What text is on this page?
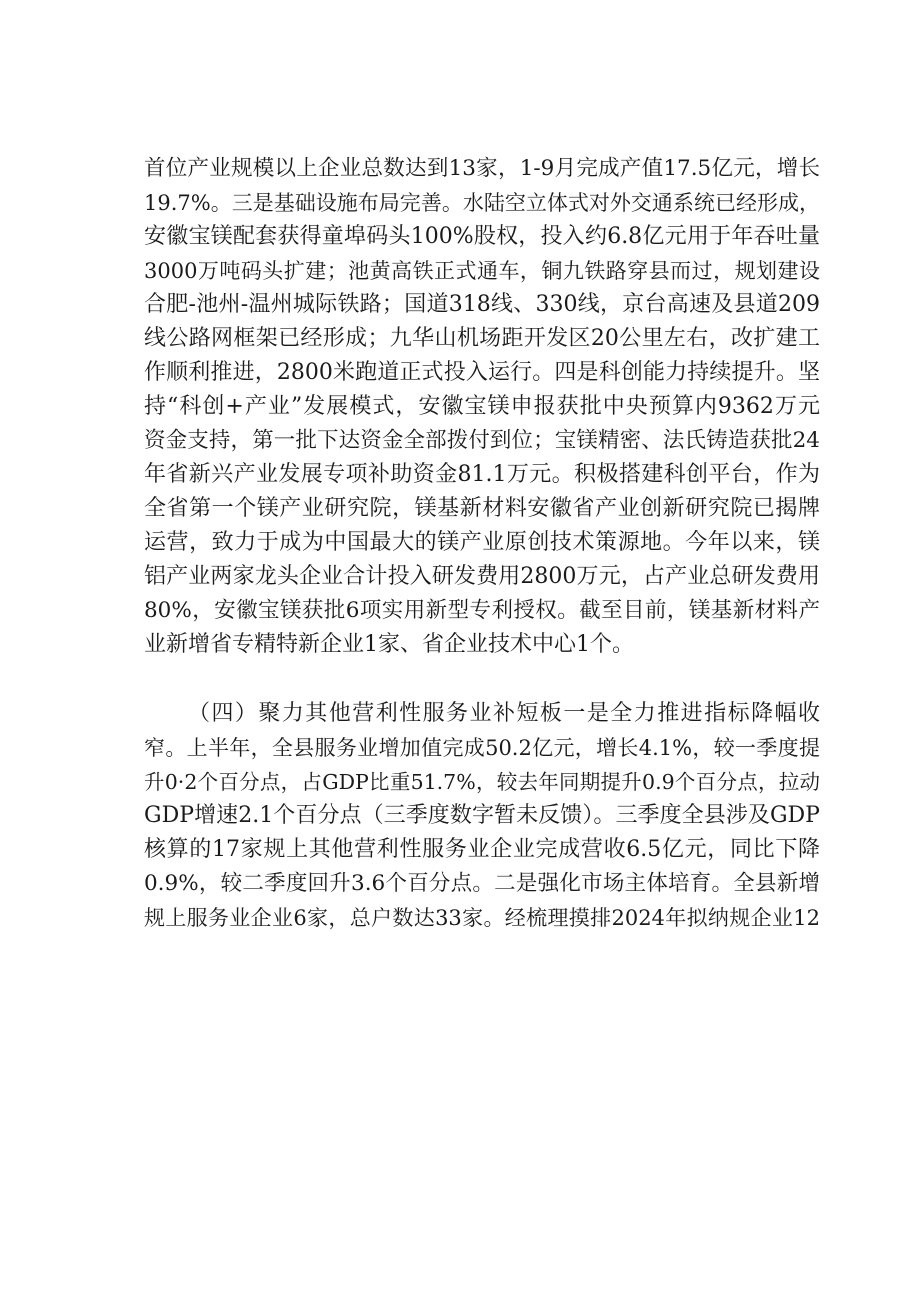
首位产业规模以上企业总数达到13家，1-9月完成产值17.5亿元，增长
19.7%。三是基础设施布局完善。水陆空立体式对外交通系统已经形成，
安徽宝镁配套获得童埠码头100%股权，投入约6.8亿元用于年吞吐量
3000万吨码头扩建；池黄高铁正式通车，铜九铁路穿县而过，规划建设
合肥-池州-温州城际铁路；国道318线、330线，京台高速及县道209
线公路网框架已经形成；九华山机场距开发区20公里左右，改扩建工
作顺利推进，2800米跑道正式投入运行。四是科创能力持续提升。坚
持“科创+产业”发展模式，安徽宝镁申报获批中央预算内9362万元
资金支持，第一批下达资金全部拨付到位；宝镁精密、法氏铸造获批24
年省新兴产业发展专项补助资金81.1万元。积极搭建科创平台，作为
全省第一个镁产业研究院，镁基新材料安徽省产业创新研究院已揭牌
运营，致力于成为中国最大的镁产业原创技术策源地。今年以来，镁
铝产业两家龙头企业合计投入研发费用2800万元，占产业总研发费用
80%，安徽宝镁获批6项实用新型专利授权。截至目前，镁基新材料产
业新增省专精特新企业1家、省企业技术中心1个。
（四）聚力其他营利性服务业补短板一是全力推进指标降幅收
窄。上半年，全县服务业增加值完成50.2亿元，增长4.1%，较一季度提
升0·2个百分点，占GDP比重51.7%，较去年同期提升0.9个百分点，拉动
GDP增速2.1个百分点（三季度数字暂未反馈）。三季度全县涉及GDP
核算的17家规上其他营利性服务业企业完成营收6.5亿元，同比下降
0.9%，较二季度回升3.6个百分点。二是强化市场主体培育。全县新增
规上服务业企业6家，总户数达33家。经梳理摸排2024年拟纳规企业12
